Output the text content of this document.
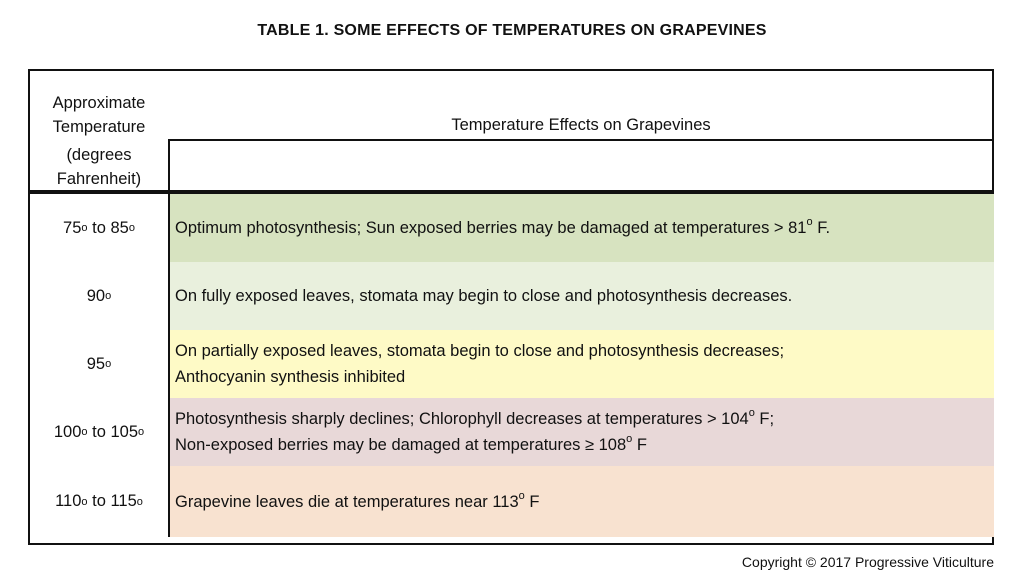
TABLE 1. SOME EFFECTS OF TEMPERATURES ON GRAPEVINES
Approximate
Temperature
(degrees
Fahrenheit)
Temperature Effects on Grapevines
75 o to 85 o Optimum photosynthesis; Sun exposed berries may be damaged at temperatures > $81^o$ F.
90 o	On fully exposed leaves, stomata may begin to close and photosynthesis decreases.
95 o
On partially exposed leaves, stomata begin to close and photosynthesis decreases;
Anthocyanin synthesis inhibited
100 o to 105 o
Photosynthesis sharply declines; Chlorophyll decreases at temperatures > $104^o$ F;
Non-exposed berries may be damaged at temperatures ≥ $108^o$ F
110 o to 115 o Grapevine leaves die at temperatures near 113$^o$ F
Copyright © 2017 Progressive Viticulture
